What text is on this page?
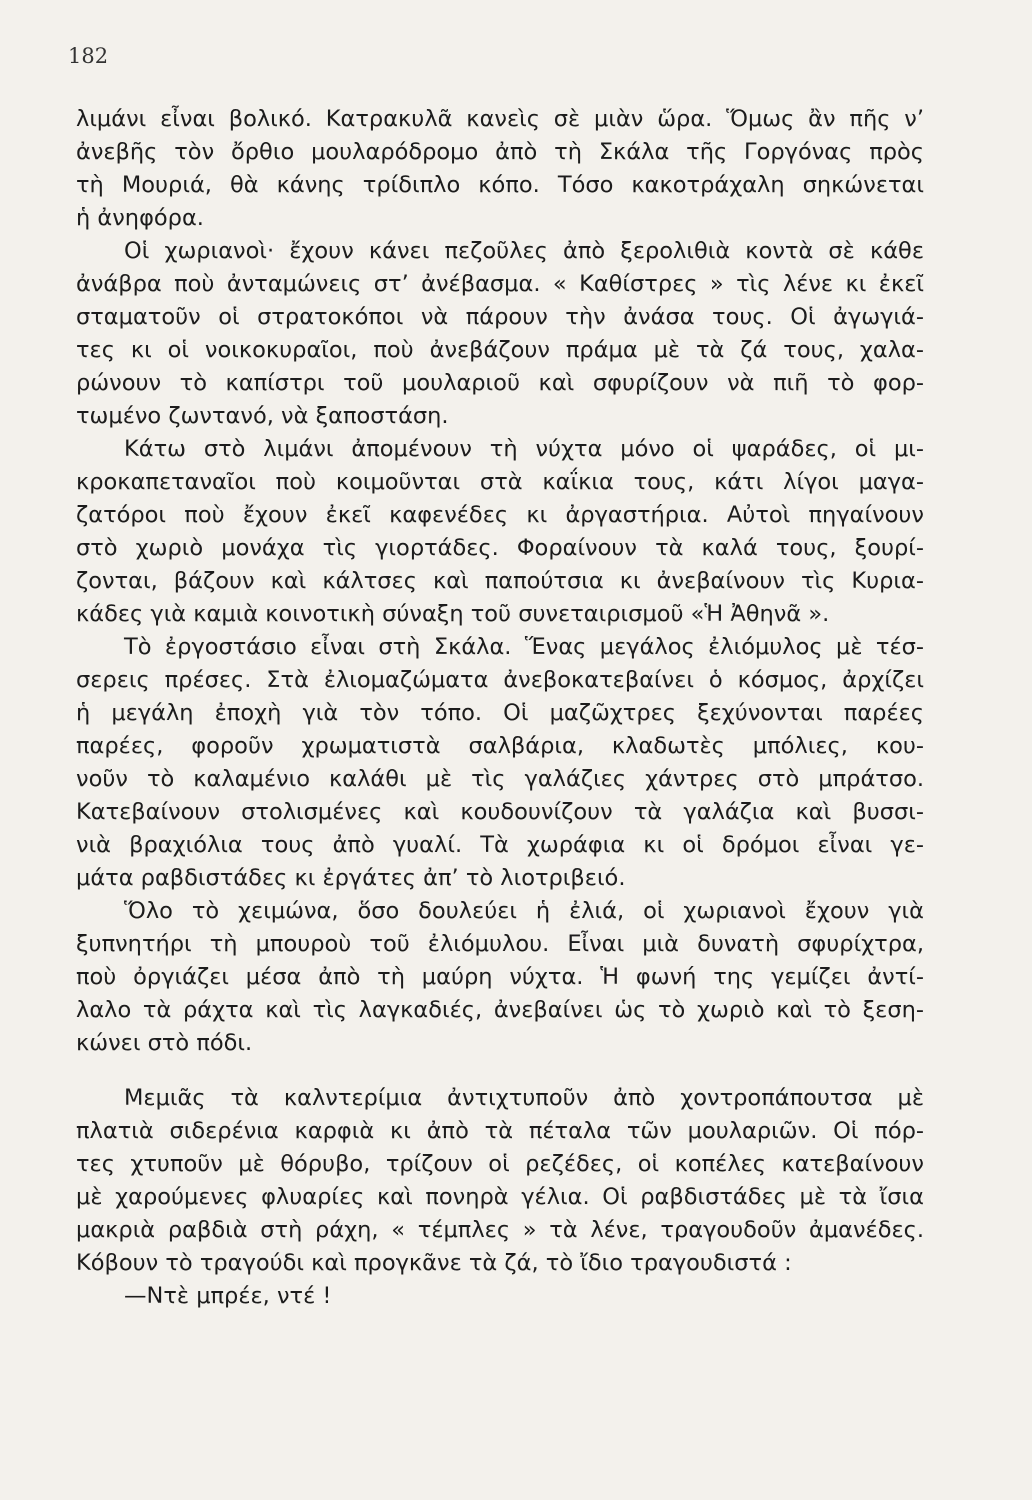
182
λιμάνι εἶναι βολικό. Κατρακυλᾶ κανεὶς σὲ μιὰν ὥρα. Ὅμως ἂν πῆς ν’
ἀνεβῆς τὸν ὄρθιο μουλαρόδρομο ἀπὸ τὴ Σκάλα τῆς Γοργόνας πρὸς
τὴ Μουριά, θὰ κάνης τρίδιπλο κόπο. Τόσο κακοτράχαλη σηκώνεται
ἡ ἀνηφόρα.
Οἱ χωριανοὶ· ἔχουν κάνει πεζοῦλες ἀπὸ ξερολιθιὰ κοντὰ σὲ κάθε
ἀνάβρα ποὺ ἀνταμώνεις στ’ ἀνέβασμα. « Καθίστρες » τὶς λένε κι ἐκεῖ
σταματοῦν οἱ στρατοκόποι νὰ πάρουν τὴν ἀνάσα τους. Οἱ ἀγωγιά-
τες κι οἱ νοικοκυραῖοι, ποὺ ἀνεβάζουν πράμα μὲ τὰ ζά τους, χαλα-
ρώνουν τὸ καπίστρι τοῦ μουλαριοῦ καὶ σφυρίζουν νὰ πιῆ τὸ φορ-
τωμένο ζωντανό, νὰ ξαποστάση.
Κάτω στὸ λιμάνι ἀπομένουν τὴ νύχτα μόνο οἱ ψαράδες, οἱ μι-
κροκαπεταναῖοι ποὺ κοιμοῦνται στὰ καΐκια τους, κάτι λίγοι μαγα-
ζατόροι ποὺ ἔχουν ἐκεῖ καφενέδες κι ἀργαστήρια. Αὐτοὶ πηγαίνουν
στὸ χωριὸ μονάχα τὶς γιορτάδες. Φοραίνουν τὰ καλά τους, ξουρί-
ζονται, βάζουν καὶ κάλτσες καὶ παπούτσια κι ἀνεβαίνουν τὶς Κυρια-
κάδες γιὰ καμιὰ κοινοτικὴ σύναξη τοῦ συνεταιρισμοῦ «Ἡ Ἀθηνᾶ ».
Τὸ ἐργοστάσιο εἶναι στὴ Σκάλα. Ἕνας μεγάλος ἐλιόμυλος μὲ τέσ-
σερεις πρέσες. Στὰ ἐλιομαζώματα ἀνεβοκατεβαίνει ὁ κόσμος, ἀρχίζει
ἡ μεγάλη ἐποχὴ γιὰ τὸν τόπο. Οἱ μαζῶχτρες ξεχύνονται παρέες
παρέες, φοροῦν χρωματιστὰ σαλβάρια, κλαδωτὲς μπόλιες, κου-
νοῦν τὸ καλαμένιο καλάθι μὲ τὶς γαλάζιες χάντρες στὸ μπράτσο.
Κατεβαίνουν στολισμένες καὶ κουδουνίζουν τὰ γαλάζια καὶ βυσσι-
νιὰ βραχιόλια τους ἀπὸ γυαλί. Τὰ χωράφια κι οἱ δρόμοι εἶναι γε-
μάτα ραβδιστάδες κι ἐργάτες ἀπ’ τὸ λιοτριβειό.
Ὅλο τὸ χειμώνα, ὅσο δουλεύει ἡ ἐλιά, οἱ χωριανοὶ ἔχουν γιὰ
ξυπνητήρι τὴ μπουροὺ τοῦ ἐλιόμυλου. Εἶναι μιὰ δυνατὴ σφυρίχτρα,
ποὺ ὀργιάζει μέσα ἀπὸ τὴ μαύρη νύχτα. Ἡ φωνή της γεμίζει ἀντί-
λαλο τὰ ράχτα καὶ τὶς λαγκαδιές, ἀνεβαίνει ὡς τὸ χωριὸ καὶ τὸ ξεση-
κώνει στὸ πόδι.
Μεμιᾶς τὰ καλντερίμια ἀντιχτυποῦν ἀπὸ χοντροπάπουτσα μὲ
πλατιὰ σιδερένια καρφιὰ κι ἀπὸ τὰ πέταλα τῶν μουλαριῶν. Οἱ πόρ-
τες χτυποῦν μὲ θόρυβο, τρίζουν οἱ ρεζέδες, οἱ κοπέλες κατεβαίνουν
μὲ χαρούμενες φλυαρίες καὶ πονηρὰ γέλια. Οἱ ραβδιστάδες μὲ τὰ ἴσια
μακριὰ ραβδιὰ στὴ ράχη, « τέμπλες » τὰ λένε, τραγουδοῦν ἀμανέδες.
Κόβουν τὸ τραγούδι καὶ προγκᾶνε τὰ ζά, τὸ ἴδιο τραγουδιστά :
—Ντὲ μπρέε, ντέ !
